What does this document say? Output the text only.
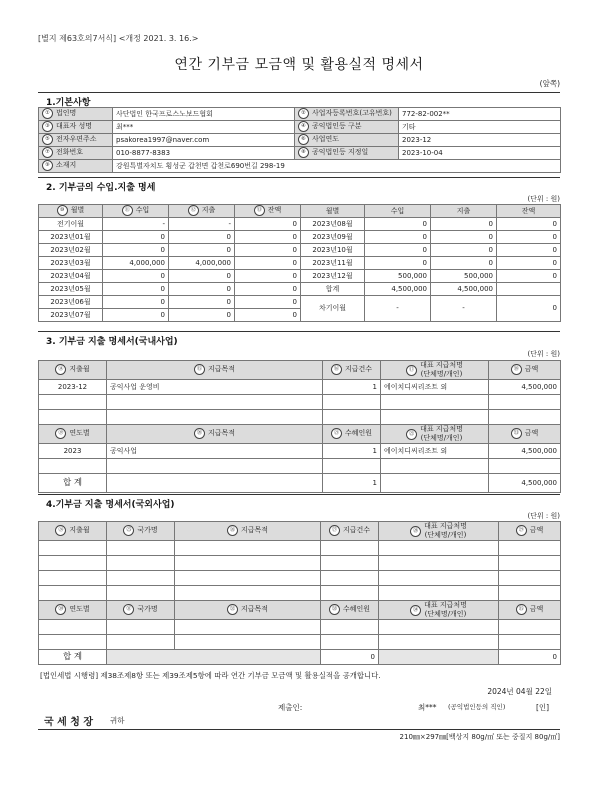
[별지 제63호의7서식] <개정 2021. 3. 16.>
연간 기부금 모금액 및 활용실적 명세서
(앞쪽)
1.기본사항
① 법인명	사단법인 한국프로스노보드협회	② 사업자등록번호(고유번호)	772-82-002**
③ 대표자 성명	최***	④ 공익법인등 구분	기타
⑤ 전자우편주소	psakorea1997@naver.com	⑥ 사업연도	2023-12
⑦ 전화번호	010-8877-8383	⑧ 공익법인등 지정일	2023-10-04
⑨ 소재지	강원특별자치도 횡성군 갑천면 갑천로690번길 298-19		
2. 기부금의 수입.지출 명세
(단위 : 원)
⑩ 월별	⑪ 수입	⑫ 지출	⑬ 잔액	월별	수입	지출	잔액
전기이월	-	-	0	2023년08월	0	0	0
2023년01월	0	0	0	2023년09월	0	0	0
2023년02월	0	0	0	2023년10월	0	0	0
2023년03월	4,000,000	4,000,000	0	2023년11월	0	0	0
2023년04월	0	0	0	2023년12월	500,000	500,000	0
2023년05월	0	0	0	합계	4,500,000	4,500,000	
2023년06월	0	0	0	차기이월	-	-	0
2023년07월	0	0	0				
3. 기부금 지출 명세서(국내사업)
(단위 : 원)
⑭ 지출월	⑮ 지급목적	⑯ 지급건수	⑰대표 지급처명
(단체명/개인)	⑱ 금액
2023-12	공익사업 운영비	1	에이치디씨리조트 외	4,500,000

⑲ 연도별	⑳ 지급목적	㉑ 수혜인원	㉒대표 지급처명
(단체명/개인)	㉓ 금액
2023	공익사업	1	에이치디씨리조트 외	4,500,000

합 계		1		4,500,000
4.기부금 지출 명세서(국외사업)
(단위 : 원)
㉔ 지출월	㉕ 국가명	㉖ 지급목적	㉗ 지급건수	㉘대표 지급처명
(단체명/개인)	㉙ 금액

㉚ 연도별	㉛ 국가명	㉜ 지급목적	㉝ 수혜인원	㉞대표 지급처명
(단체명/개인)	㉟ 금액

합 계			0		0
[법인세법 시행령] 제38조제8항 또는 제39조제5항에 따라 연간 기부금 모금액 및 활용실적을 공개합니다.
2024년 04월 22일
제출인:	최*** (공익법인등의 직인)	[인]
국 세 청 장 귀하
210㎜×297㎜[백상지 80g/㎡ 또는 중질지 80g/㎡]
